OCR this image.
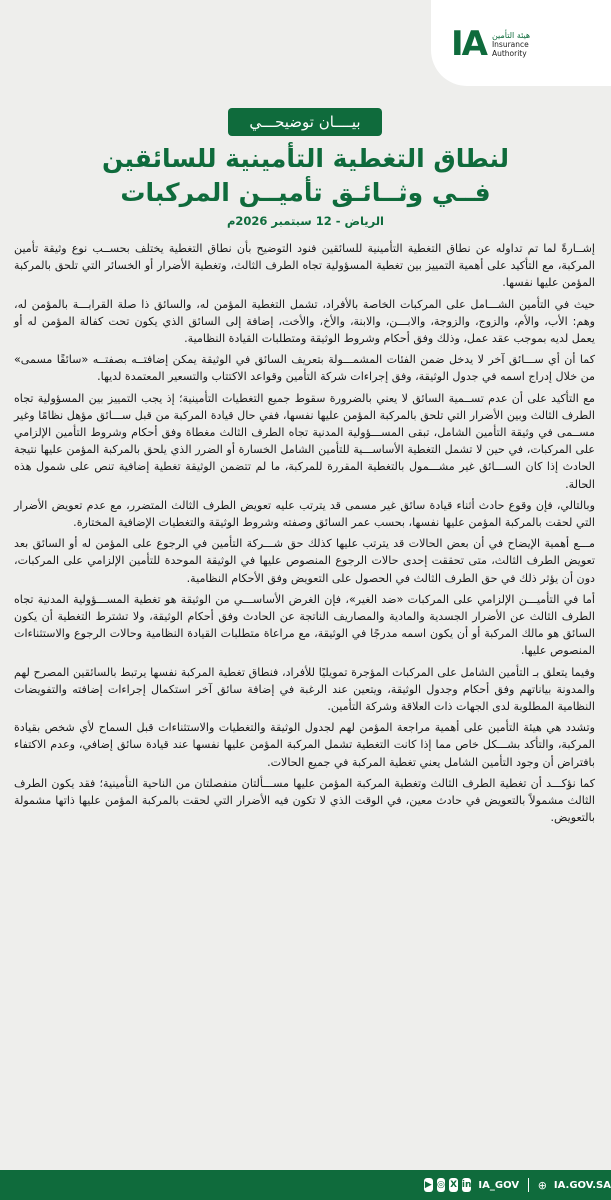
IA هيئة التأمين
Insurance
Authority
بيــــان توضيحـــي
لنطاق التغطية التأمينية للسائقين
فــي وثــائـق تأميــن المركبات
الرياض - 12 سبتمبر 2026م

إشــارةً لما تم تداوله عن نطاق التغطية التأمينية للسائقين فنود التوضيح بأن نطاق التغطية يختلف بحســب نوع وثيقة تأمين المركبة، مع التأكيد على أهمية التمييز بين تغطية المسؤولية تجاه الطرف الثالث، وتغطية الأضرار أو الخسائر التي تلحق بالمركبة المؤمن عليها نفسها.

حيث في التأمين الشـــامل على المركبات الخاصة بالأفراد، تشمل التغطية المؤمن له، والسائق ذا صلة القرابـــة بالمؤمن له، وهم: الأب، والأم، والزوج، والزوجة، والابـــن، والابنة، والأخ، والأخت، إضافة إلى السائق الذي يكون تحت كفالة المؤمن له أو يعمل لديه بموجب عقد عمل، وذلك وفق أحكام وشروط الوثيقة ومتطلبات القيادة النظامية.

كما أن أي ســـائق آخر لا يدخل ضمن الفئات المشمـــولة بتعريف السائق في الوثيقة يمكن إضافتــه بصفتــه «سائقًا مسمى» من خلال إدراج اسمه في جدول الوثيقة، وفق إجراءات شركة التأمين وقواعد الاكتتاب والتسعير المعتمدة لديها.

مع التأكيد على أن عدم تســمية السائق لا يعني بالضرورة سقوط جميع التغطيات التأمينية؛ إذ يجب التمييز بين المسؤولية تجاه الطرف الثالث وبين الأضرار التي تلحق بالمركبة المؤمن عليها نفسها، ففي حال قيادة المركبة من قبل ســـائق مؤهل نظامًا وغير مســمى في وثيقة التأمين الشامل، تبقى المســـؤولية المدنية تجاه الطرف الثالث مغطاة وفق أحكام وشروط التأمين الإلزامي على المركبات، في حين لا تشمل التغطية الأساســـية للتأمين الشامل الخسارة أو الضرر الذي يلحق بالمركبة المؤمن عليها نتيجة الحادث إذا كان الســـائق غير مشـــمول بالتغطية المقررة للمركبة، ما لم تتضمن الوثيقة تغطية إضافية تنص على شمول هذه الحالة.

وبالتالي، فإن وقوع حادث أثناء قيادة سائق غير مسمى قد يترتب عليه تعويض الطرف الثالث المتضرر، مع عدم تعويض الأضرار التي لحقت بالمركبة المؤمن عليها نفسها، بحسب عمر السائق وصفته وشروط الوثيقة والتغطيات الإضافية المختارة.

مـــع أهمية الإيضاح في أن بعض الحالات قد يترتب عليها كذلك حق شـــركة التأمين في الرجوع على المؤمن له أو السائق بعد تعويض الطرف الثالث، متى تحققت إحدى حالات الرجوع المنصوص عليها في الوثيقة الموحدة للتأمين الإلزامي على المركبات، دون أن يؤثر ذلك في حق الطرف الثالث في الحصول على التعويض وفق الأحكام النظامية.

أما في التأميـــن الإلزامي على المركبات «ضد الغير»، فإن الغرض الأساســـي من الوثيقة هو تغطية المســـؤولية المدنية تجاه الطرف الثالث عن الأضرار الجسدية والمادية والمصاريف الناتجة عن الحادث وفق أحكام الوثيقة، ولا تشترط التغطية أن يكون السائق هو مالك المركبة أو أن يكون اسمه مدرجًا في الوثيقة، مع مراعاة متطلبات القيادة النظامية وحالات الرجوع والاستثناءات المنصوص عليها.

وفيما يتعلق بـ التأمين الشامل على المركبات المؤجرة تمويليًا للأفراد، فنطاق تغطية المركبة نفسها يرتبط بالسائقين المصرح لهم والمدونة بياناتهم وفق أحكام وجدول الوثيقة، ويتعين عند الرغبة في إضافة سائق آخر استكمال إجراءات إضافته والتفويضات النظامية المطلوبة لدى الجهات ذات العلاقة وشركة التأمين.

وتشدد هي هيئة التأمين على أهمية مراجعة المؤمن لهم لجدول الوثيقة والتغطيات والاستثناءات قبل السماح لأي شخص بقيادة المركبة، والتأكد بشـــكل خاص مما إذا كانت التغطية تشمل المركبة المؤمن عليها نفسها عند قيادة سائق إضافي، وعدم الاكتفاء بافتراض أن وجود التأمين الشامل يعني تغطية المركبة في جميع الحالات.

كما نؤكـــد أن تغطية الطرف الثالث وتغطية المركبة المؤمن عليها مســـألتان منفصلتان من الناحية التأمينية؛ فقد يكون الطرف الثالث مشمولاً بالتعويض في حادث معين، في الوقت الذي لا تكون فيه الأضرار التي لحقت بالمركبة المؤمن عليها ذاتها مشمولة بالتعويض.

▶ ◎ X in IA_GOV ⊕ IA.GOV.SA
